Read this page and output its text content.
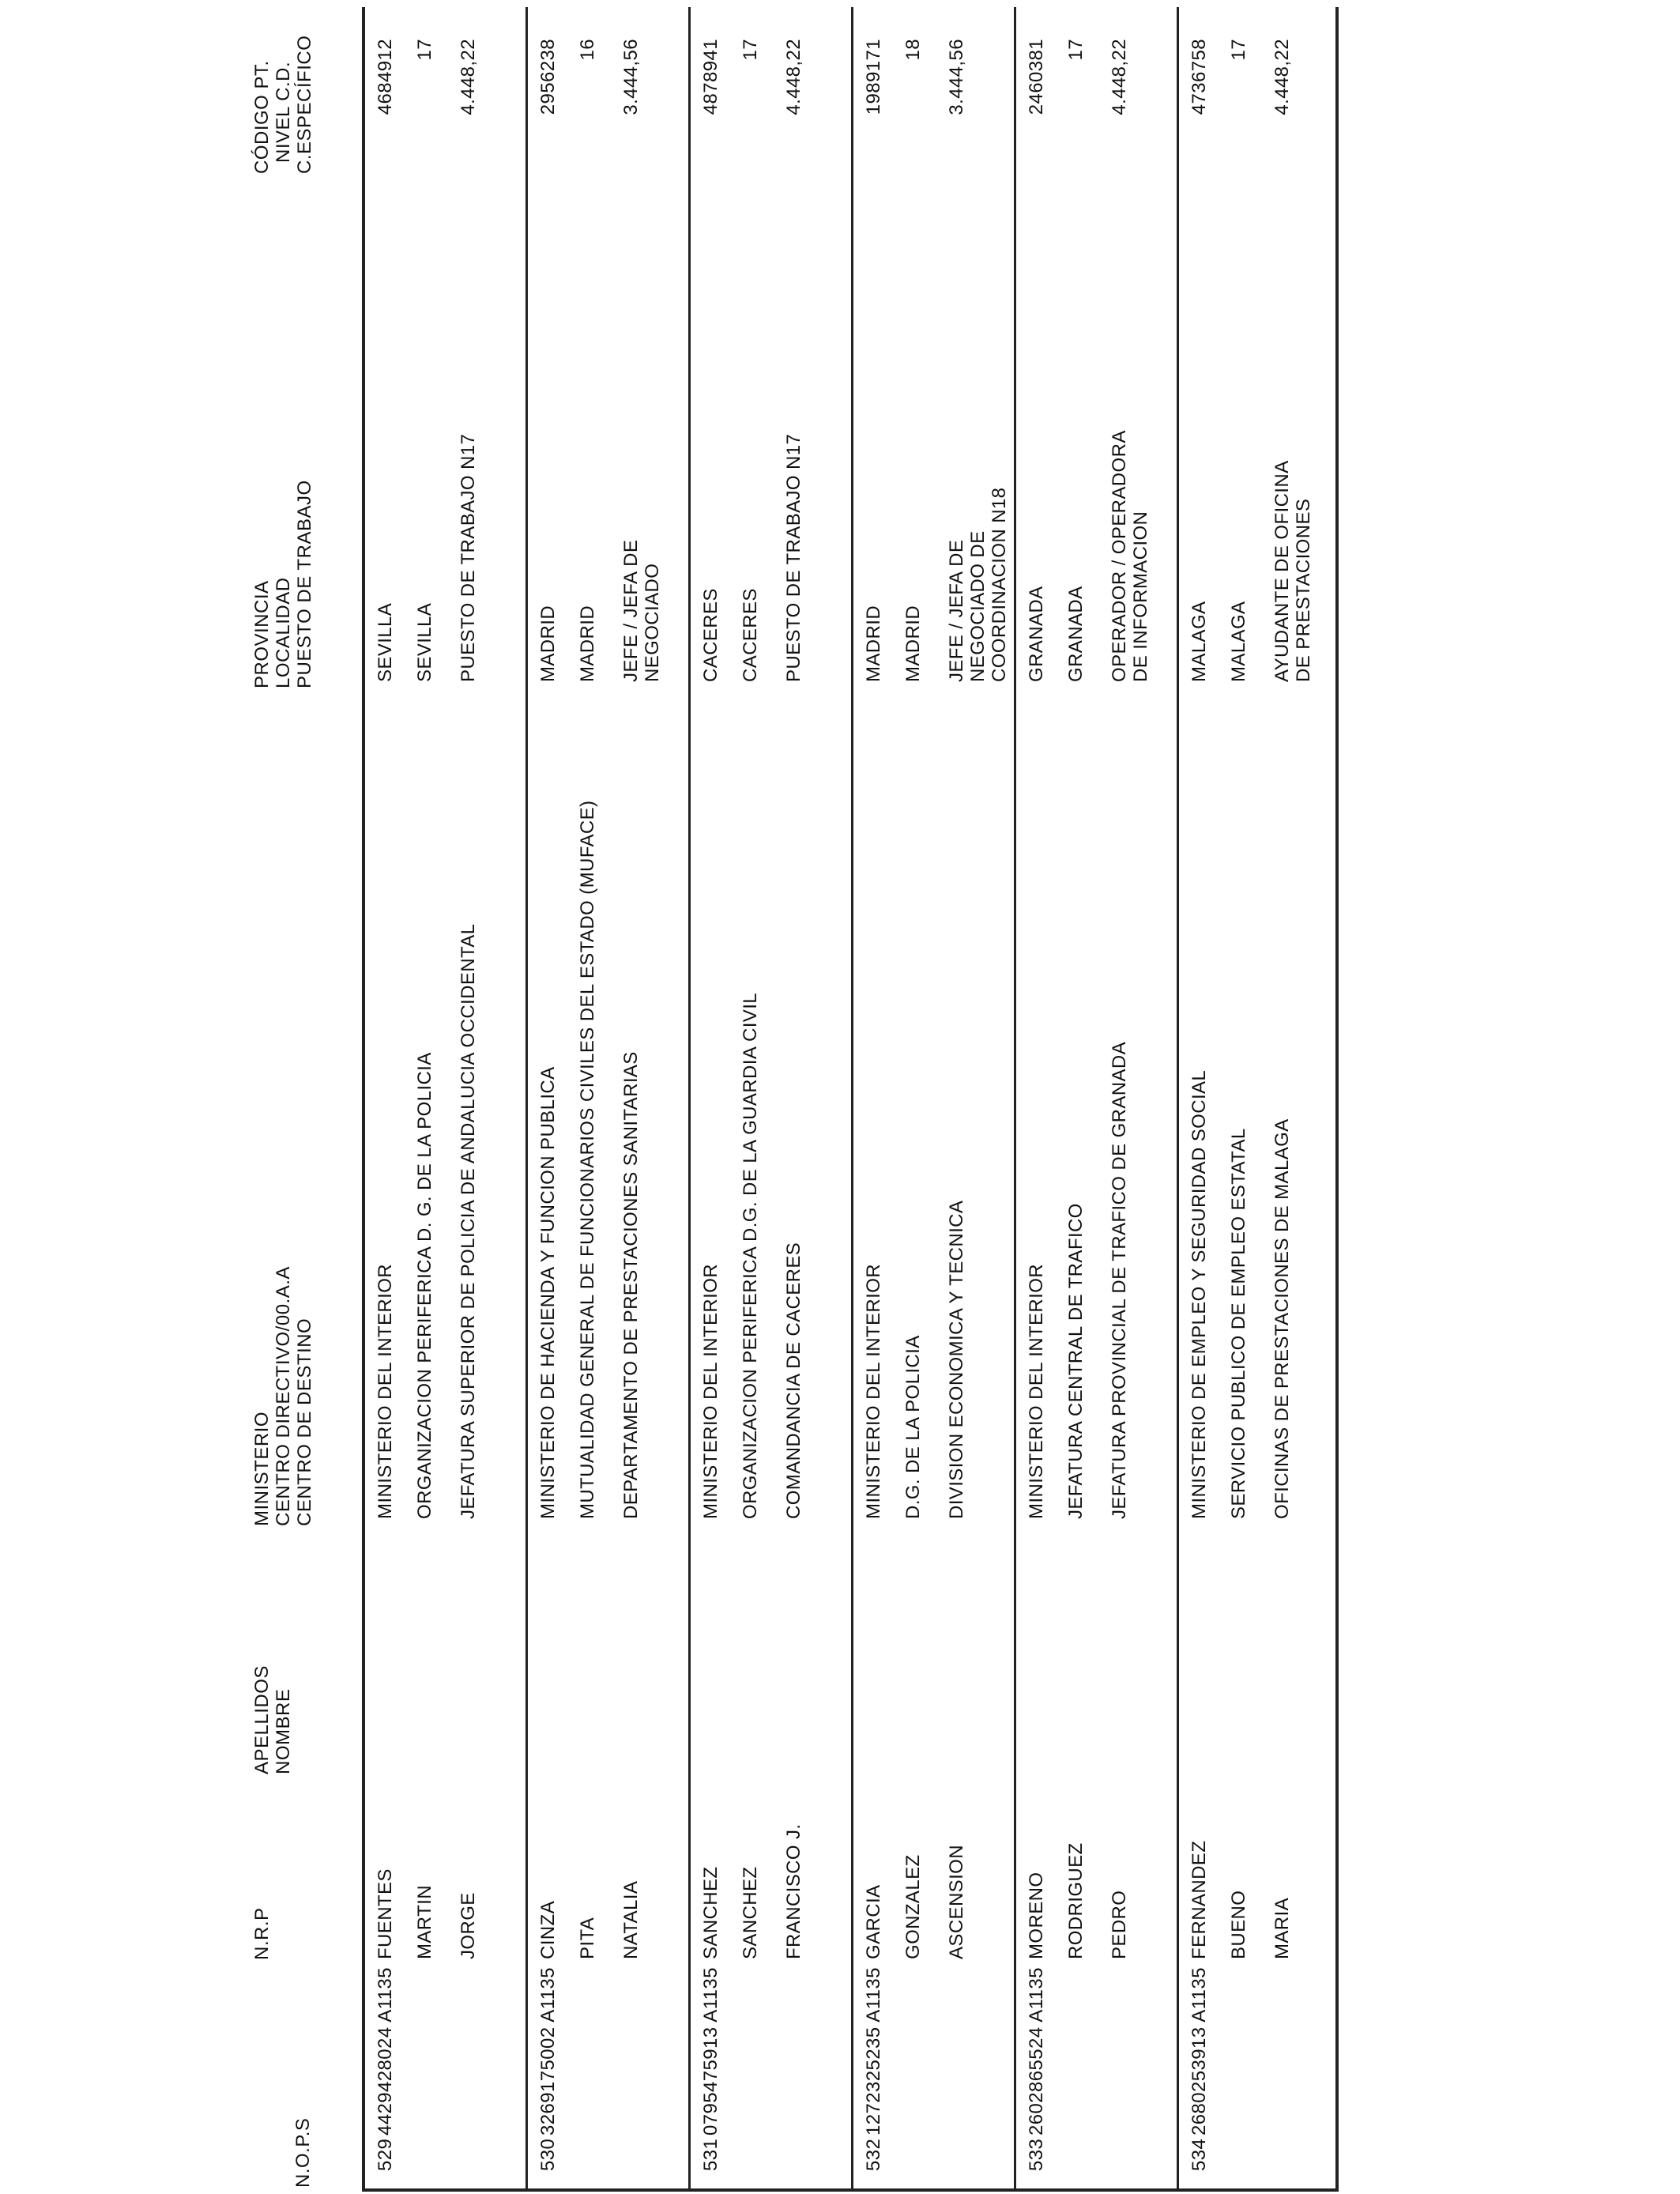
N.O.P.S
N.R.P
APELLIDOS NOMBRE
MINISTERIO CENTRO DIRECTIVO/00.A.A CENTRO DE DESTINO
PROVINCIA LOCALIDAD PUESTO DE TRABAJO
CÓDIGO PT. NIVEL C.D. C.ESPECÍFICO
529
4429428024 A1135
FUENTES
MINISTERIO DEL INTERIOR
SEVILLA
4684912
MARTIN
ORGANIZACION PERIFERICA D. G. DE LA POLICIA
SEVILLA
17
JORGE
JEFATURA SUPERIOR DE POLICIA DE ANDALUCIA OCCIDENTAL
PUESTO DE TRABAJO N17
4.448,22
530
3269175002 A1135
CINZA
MINISTERIO DE HACIENDA Y FUNCION PUBLICA
MADRID
2956238
PITA
MUTUALIDAD GENERAL DE FUNCIONARIOS CIVILES DEL ESTADO (MUFACE)
MADRID
16
NATALIA
DEPARTAMENTO DE PRESTACIONES SANITARIAS
JEFE / JEFA DE NEGOCIADO
3.444,56
531
0795475913 A1135
SANCHEZ
MINISTERIO DEL INTERIOR
CACERES
4878941
SANCHEZ
ORGANIZACION PERIFERICA D.G. DE LA GUARDIA CIVIL
CACERES
17
FRANCISCO J.
COMANDANCIA DE CACERES
PUESTO DE TRABAJO N17
4.448,22
532
1272325235 A1135
GARCIA
MINISTERIO DEL INTERIOR
MADRID
1989171
GONZALEZ
D.G. DE LA POLICIA
MADRID
18
ASCENSION
DIVISION ECONOMICA Y TECNICA
JEFE / JEFA DE NEGOCIADO DE COORDINACION N18
3.444,56
533
2602865524 A1135
MORENO
MINISTERIO DEL INTERIOR
GRANADA
2460381
RODRIGUEZ
JEFATURA CENTRAL DE TRAFICO
GRANADA
17
PEDRO
JEFATURA PROVINCIAL DE TRAFICO DE GRANADA
OPERADOR / OPERADORA DE INFORMACION
4.448,22
534
2680253913 A1135
FERNANDEZ
MINISTERIO DE EMPLEO Y SEGURIDAD SOCIAL
MALAGA
4736758
BUENO
SERVICIO PUBLICO DE EMPLEO ESTATAL
MALAGA
17
MARIA
OFICINAS DE PRESTACIONES DE MALAGA
AYUDANTE DE OFICINA DE PRESTACIONES
4.448,22
